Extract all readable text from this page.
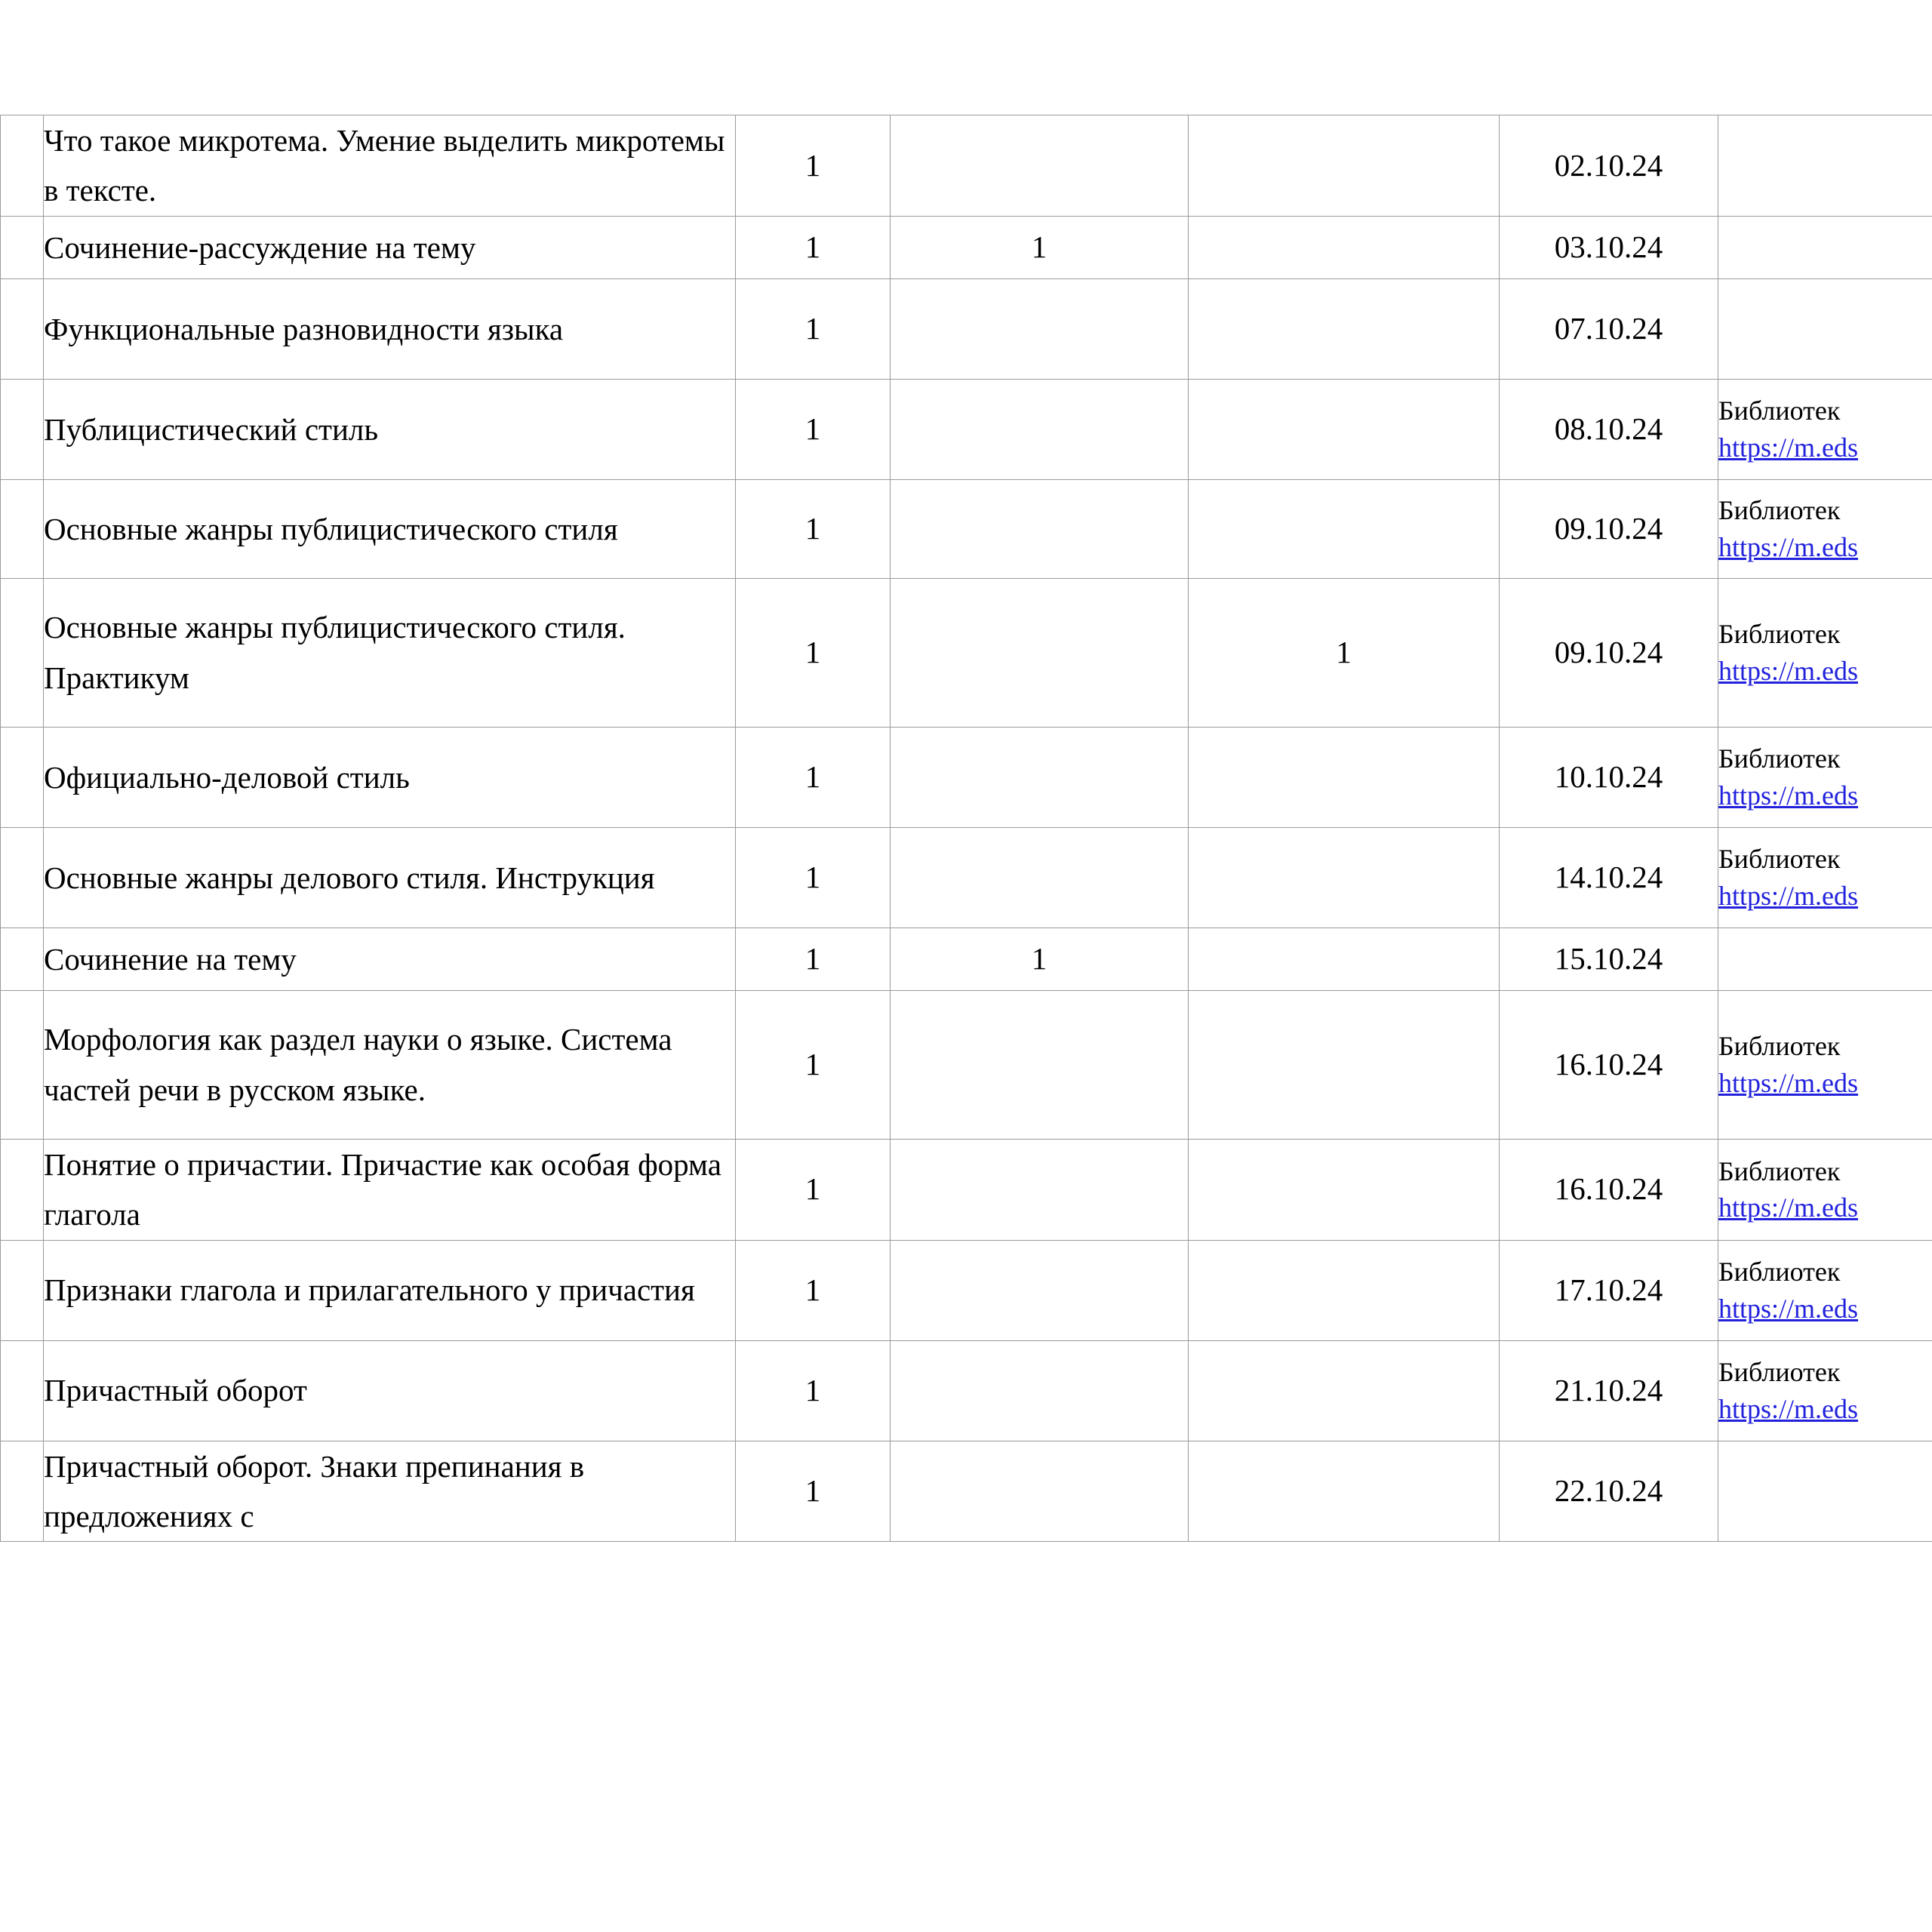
	Что такое микротема. Умение выделить микротемы в тексте.	1			02.10.24	

	Сочинение-рассуждение на тему	1	1		03.10.24	

	Функциональные разновидности языка	1			07.10.24	

	Публицистический стиль	1			08.10.24	Библиотек
https://m.eds

	Основные жанры публицистического стиля	1			09.10.24	Библиотек
https://m.eds

	Основные жанры публицистического стиля. Практикум	1		1	09.10.24	Библиотек
https://m.eds

	Официально-деловой стиль	1			10.10.24	Библиотек
https://m.eds

	Основные жанры делового стиля. Инструкция	1			14.10.24	Библиотек
https://m.eds

	Сочинение на тему	1	1		15.10.24	

	Морфология как раздел науки о языке. Система частей речи в русском языке.	1			16.10.24	Библиотек
https://m.eds

	Понятие о причастии. Причастие как особая форма глагола	1			16.10.24	Библиотек
https://m.eds

	Признаки глагола и прилагательного у причастия	1			17.10.24	Библиотек
https://m.eds

	Причастный оборот	1			21.10.24	Библиотек
https://m.eds

	Причастный оборот. Знаки препинания в предложениях с	1			22.10.24	
